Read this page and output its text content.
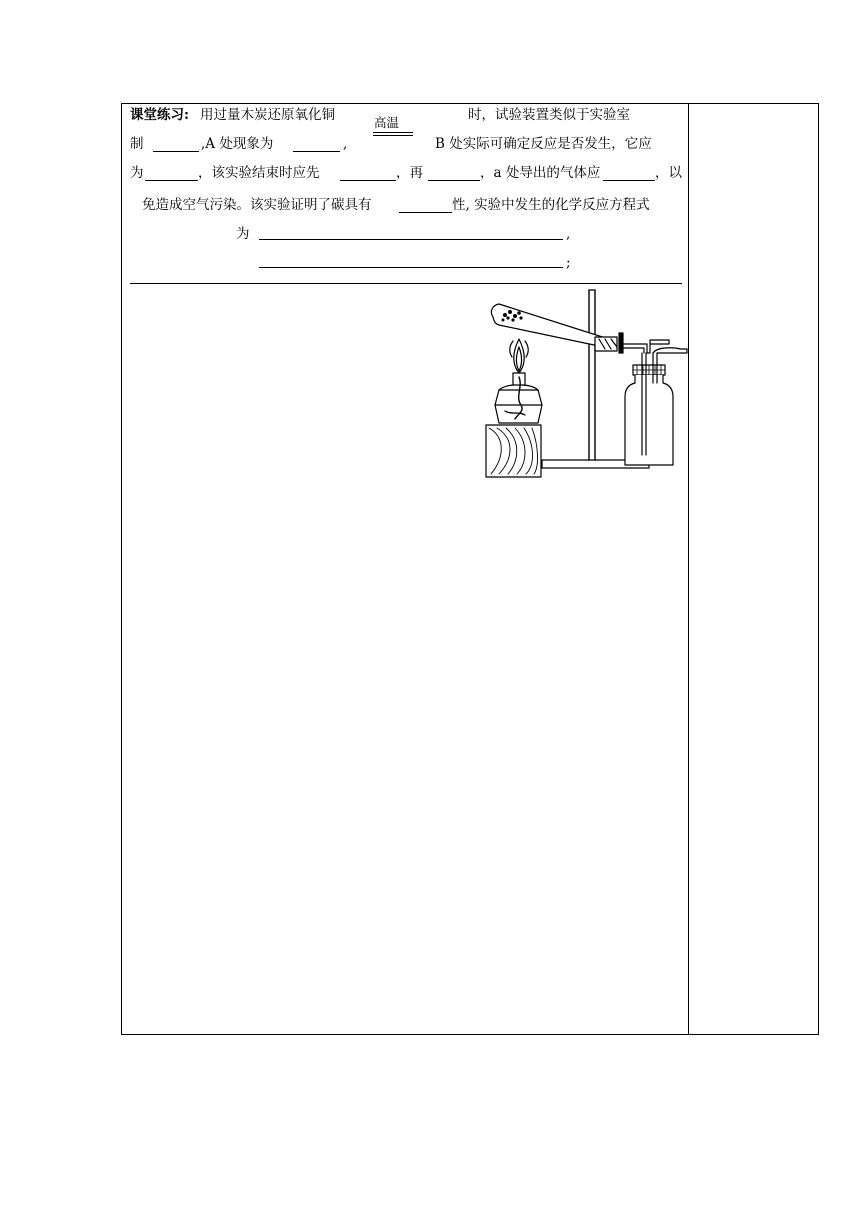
课堂练习: 用过量木炭还原氧化铜	高温	时，试验装置类似于实验室
制	,A 处现象为	,	B 处实际可确定反应是否发生，它应
为	，该实验结束时应先	，再	，a 处导出的气体应	，以
免造成空气污染。该实验证明了碳具有	性, 实验中发生的化学反应方程式
为	,
;
